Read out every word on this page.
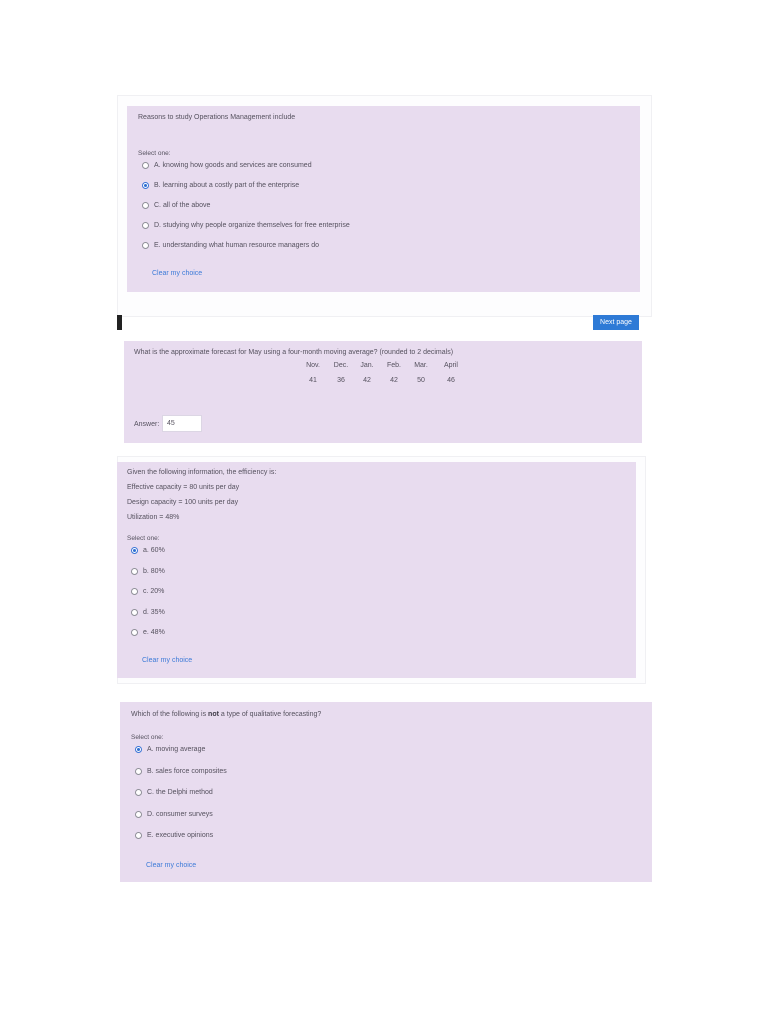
Reasons to study Operations Management include
Select one:
A. knowing how goods and services are consumed
B. learning about a costly part of the enterprise
C. all of the above
D. studying why people organize themselves for free enterprise
E. understanding what human resource managers do
Clear my choice
Next page
What is the approximate forecast for May using a four-month moving average? (rounded to 2 decimals)
Nov.	Dec.	Jan.	Feb.	Mar.	April
41	36	42	42	50	46
Answer:	45
Given the following information, the efficiency is:
Effective capacity = 80 units per day
Design capacity = 100 units per day
Utilization = 48%
Select one:
a. 60%
b. 80%
c. 20%
d. 35%
e. 48%
Clear my choice
Which of the following is not a type of qualitative forecasting?
Select one:
A. moving average
B. sales force composites
C. the Delphi method
D. consumer surveys
E. executive opinions
Clear my choice
